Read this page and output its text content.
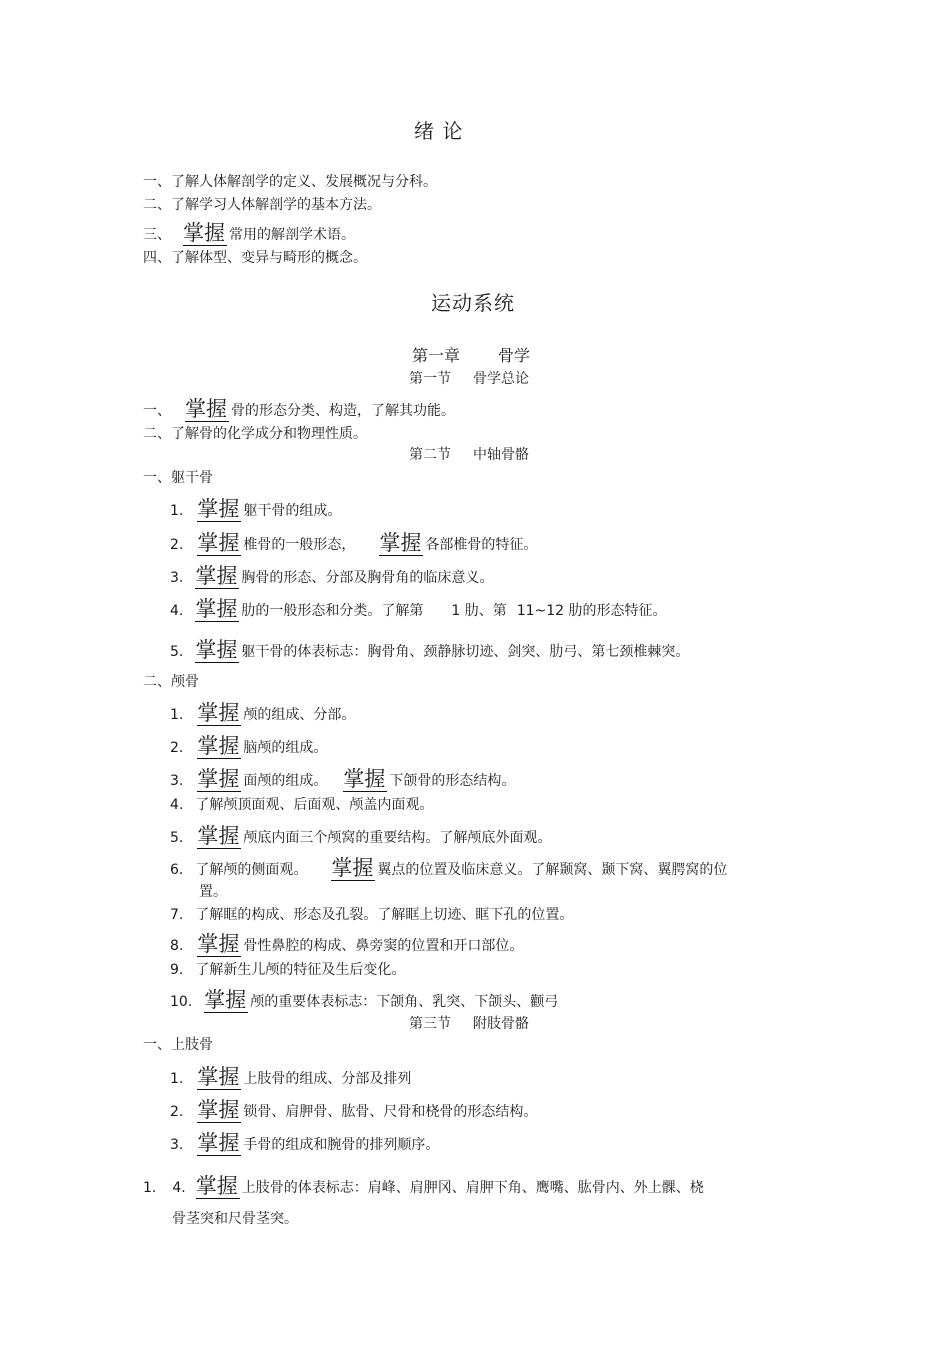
绪 论
一、了解人体解剖学的定义、发展概况与分科。
二、了解学习人体解剖学的基本方法。
三、 掌握 常用的解剖学术语。
四、了解体型、变异与畸形的概念。
运动系统
第一章 骨学
第一节 骨学总论
一、 掌握 骨的形态分类、构造，了解其功能。
二、了解骨的化学成分和物理性质。
第二节 中轴骨骼
一、躯干骨
1. 掌握 躯干骨的组成。
2. 掌握 椎骨的一般形态， 掌握 各部椎骨的特征。
3. 掌握 胸骨的形态、分部及胸骨角的临床意义。
4. 掌握 肋的一般形态和分类。了解第 1 肋、第 11~12 肋的形态特征。
5. 掌握 躯干骨的体表标志：胸骨角、颈静脉切迹、剑突、肋弓、第七颈椎棘突。
二、颅骨
1. 掌握 颅的组成、分部。
2. 掌握 脑颅的组成。
3. 掌握 面颅的组成。 掌握 下颌骨的形态结构。
4. 了解颅顶面观、后面观、颅盖内面观。
5. 掌握 颅底内面三个颅窝的重要结构。了解颅底外面观。
6. 了解颅的侧面观。 掌握 翼点的位置及临床意义。了解颞窝、颞下窝、翼腭窝的位
置。
7. 了解眶的构成、形态及孔裂。了解眶上切迹、眶下孔的位置。
8. 掌握 骨性鼻腔的构成、鼻旁窦的位置和开口部位。
9. 了解新生儿颅的特征及生后变化。
10. 掌握 颅的重要体表标志：下颌角、乳突、下颌头、颧弓
第三节 附肢骨骼
一、上肢骨
1. 掌握 上肢骨的组成、分部及排列
2. 掌握 锁骨、肩胛骨、肱骨、尺骨和桡骨的形态结构。
3. 掌握 手骨的组成和腕骨的排列顺序。
1. 4. 掌握 上肢骨的体表标志：肩峰、肩胛冈、肩胛下角、鹰嘴、肱骨内、外上髁、桡
骨茎突和尺骨茎突。
